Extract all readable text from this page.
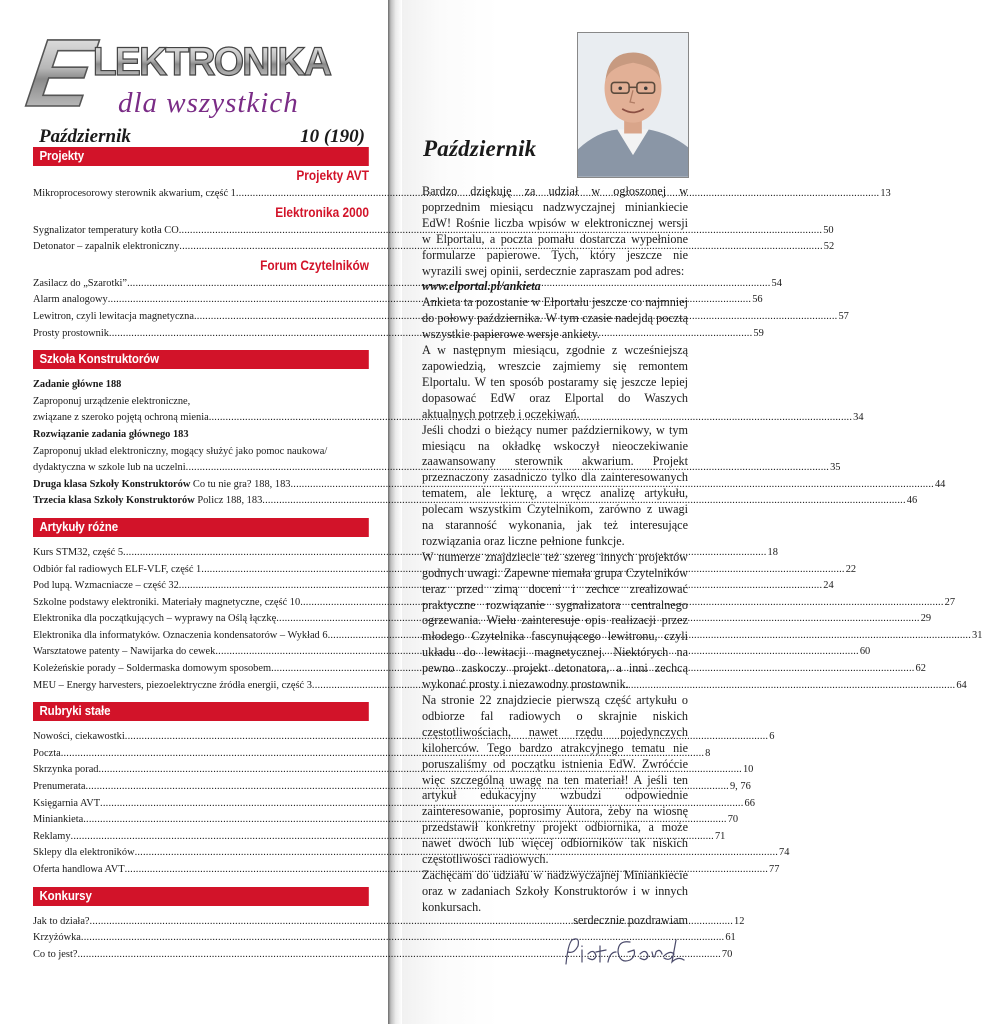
E
LEKTRONIKA
dla wszystkich
Październik	10 (190)
Projekty
Projekty AVT
Mikroprocesorowy sterownik akwarium, część 1 .....	13
Elektronika 2000
Sygnalizator temperatury kotła CO .....	50
Detonator – zapalnik elektroniczny .....	52
Forum Czytelników
Zasilacz do „Szarotki” .....	54
Alarm analogowy .....	56
Lewitron, czyli lewitacja magnetyczna .....	57
Prosty prostownik .....	59
Szkoła Konstruktorów
Zadanie główne 188
Zaproponuj urządzenie elektroniczne,
związane z szeroko pojętą ochroną mienia .....	34
Rozwiązanie zadania głównego 183
Zaproponuj układ elektroniczny, mogący służyć jako pomoc naukowa/
dydaktyczna w szkole lub na uczelni .....	35
Druga klasa Szkoły Konstruktorów Co tu nie gra? 188, 183 .....	44
Trzecia klasa Szkoły Konstruktorów Policz 188, 183 .....	46
Artykuły różne
Kurs STM32, część 5 .....	18
Odbiór fal radiowych ELF-VLF, część 1 .....	22
Pod lupą. Wzmacniacze – część 32 .....	24
Szkolne podstawy elektroniki. Materiały magnetyczne, część 10 .....	27
Elektronika dla początkujących – wyprawy na Oślą łączkę .....	29
Elektronika dla informatyków. Oznaczenia kondensatorów – Wykład 6 .....	31
Warsztatowe patenty – Nawijarka do cewek .....	60
Koleżeńskie porady – Soldermaska domowym sposobem .....	62
MEU – Energy harvesters, piezoelektryczne źródła energii, część 3 .....	64
Rubryki stałe
Nowości, ciekawostki .....	6
Poczta .....	8
Skrzynka porad .....	10
Prenumerata .....	9, 76
Księgarnia AVT .....	66
Miniankieta .....	70
Reklamy .....	71
Sklepy dla elektroników .....	74
Oferta handlowa AVT .....	77
Konkursy
Jak to działa? .....	12
Krzyżówka .....	61
Co to jest? .....	70
Październik

Bardzo dziękuję za udział w ogłoszonej w poprzednim miesiącu nadzwyczajnej miniankiecie EdW! Rośnie liczba wpisów w elektronicznej wersji w Elportalu, a poczta pomału dostarcza wypełnione formularze papierowe. Tych, który jeszcze nie wyrazili swej opinii, serdecznie zapraszam pod adres:

www.elportal.pl/ankieta

Ankieta ta pozostanie w Elportalu jeszcze co najmniej do połowy października. W tym czasie nadejdą pocztą wszystkie papierowe wersje ankiety.

A w następnym miesiącu, zgodnie z wcześniejszą zapowiedzią, wreszcie zajmiemy się remontem Elportalu. W ten sposób postaramy się jeszcze lepiej dopasować EdW oraz Elportal do Waszych aktualnych potrzeb i oczekiwań.

Jeśli chodzi o bieżący numer październikowy, w tym miesiącu na okładkę wskoczył nieoczekiwanie zaawansowany sterownik akwarium. Projekt przeznaczony zasadniczo tylko dla zainteresowanych tematem, ale lekturę, a wręcz analizę artykułu, polecam wszystkim Czytelnikom, zarówno z uwagi na staranność wykonania, jak też interesujące rozwiązania oraz liczne pełnione funkcje.

W numerze znajdziecie też szereg innych projektów godnych uwagi. Zapewne niemała grupa Czytelników teraz przed zimą doceni i zechce zrealizować praktyczne rozwiązanie sygnalizatora centralnego ogrzewania. Wielu zainteresuje opis realizacji przez młodego Czytelnika fascynującego lewitronu, czyli układu do lewitacji magnetycznej. Niektórych na pewno zaskoczy projekt detonatora, a inni zechcą wykonać prosty i niezawodny prostownik.

Na stronie 22 znajdziecie pierwszą część artykułu o odbiorze fal radiowych o skrajnie niskich częstotliwościach, nawet rzędu pojedynczych kiloherców. Tego bardzo atrakcyjnego tematu nie poruszaliśmy od początku istnienia EdW. Zwróćcie więc szczególną uwagę na ten materiał! A jeśli ten artykuł edukacyjny wzbudzi odpowiednie zainteresowanie, poprosimy Autora, żeby na wiosnę przedstawił konkretny projekt odbiornika, a może nawet dwóch lub więcej odbiorników tak niskich częstotliwości radiowych.

Zachęcam do udziału w nadzwyczajnej Miniankiecie oraz w zadaniach Szkoły Konstruktorów i w innych konkursach.

serdecznie pozdrawiam
